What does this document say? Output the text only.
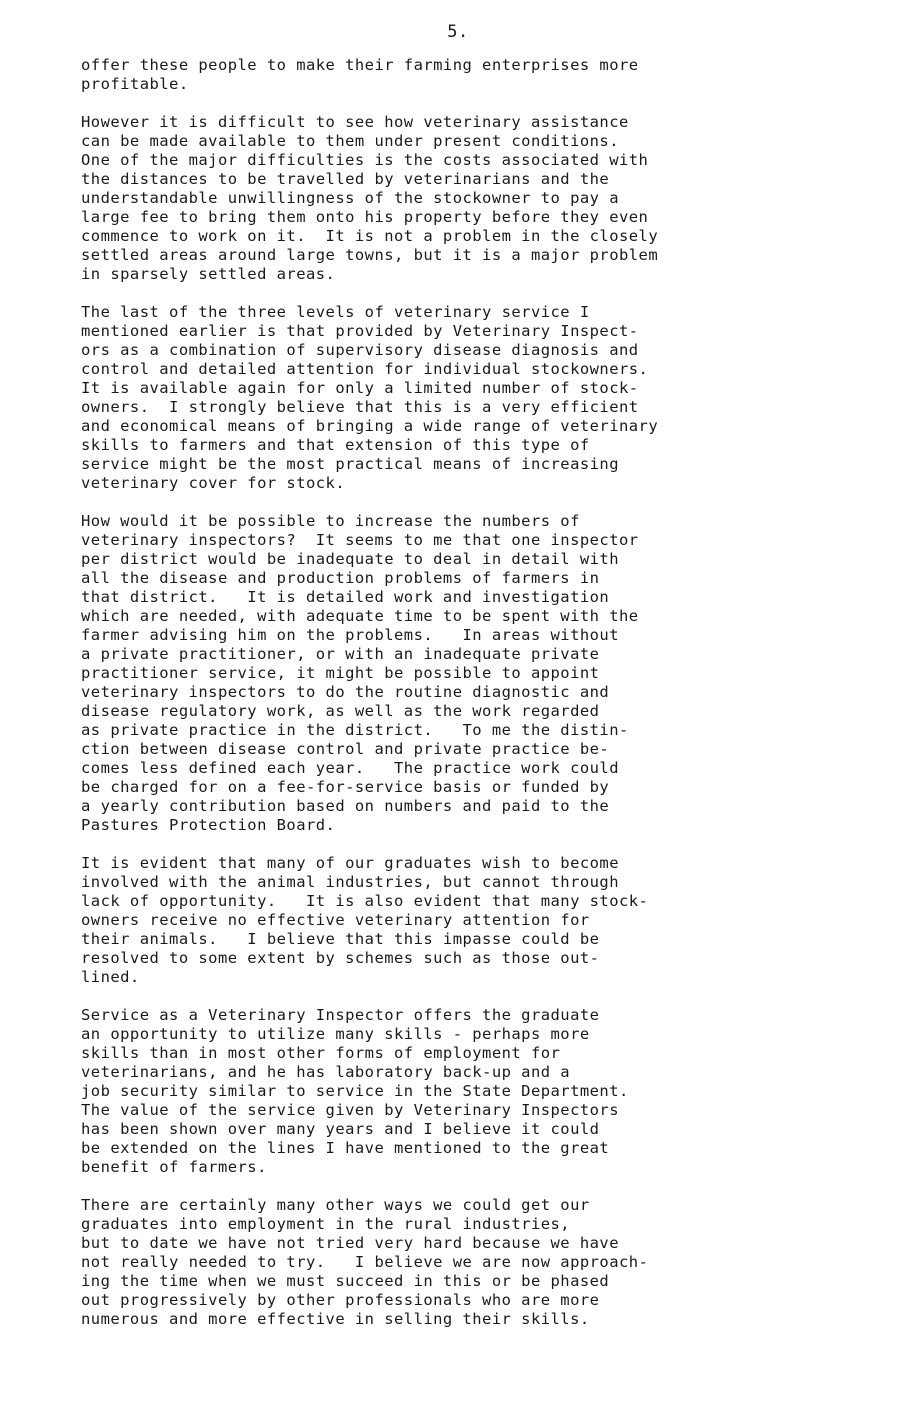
5.
offer these people to make their farming enterprises more
profitable.
However it is difficult to see how veterinary assistance
can be made available to them under present conditions.
One of the major difficulties is the costs associated with
the distances to be travelled by veterinarians and the
understandable unwillingness of the stockowner to pay a
large fee to bring them onto his property before they even
commence to work on it.  It is not a problem in the closely
settled areas around large towns, but it is a major problem
in sparsely settled areas.
The last of the three levels of veterinary service I
mentioned earlier is that provided by Veterinary Inspect-
ors as a combination of supervisory disease diagnosis and
control and detailed attention for individual stockowners.
It is available again for only a limited number of stock-
owners.  I strongly believe that this is a very efficient
and economical means of bringing a wide range of veterinary
skills to farmers and that extension of this type of
service might be the most practical means of increasing
veterinary cover for stock.
How would it be possible to increase the numbers of
veterinary inspectors?  It seems to me that one inspector
per district would be inadequate to deal in detail with
all the disease and production problems of farmers in
that district.   It is detailed work and investigation
which are needed, with adequate time to be spent with the
farmer advising him on the problems.   In areas without
a private practitioner, or with an inadequate private
practitioner service, it might be possible to appoint
veterinary inspectors to do the routine diagnostic and
disease regulatory work, as well as the work regarded
as private practice in the district.   To me the distin-
ction between disease control and private practice be-
comes less defined each year.   The practice work could
be charged for on a fee-for-service basis or funded by
a yearly contribution based on numbers and paid to the
Pastures Protection Board.
It is evident that many of our graduates wish to become
involved with the animal industries, but cannot through
lack of opportunity.   It is also evident that many stock-
owners receive no effective veterinary attention for
their animals.   I believe that this impasse could be
resolved to some extent by schemes such as those out-
lined.
Service as a Veterinary Inspector offers the graduate
an opportunity to utilize many skills - perhaps more
skills than in most other forms of employment for
veterinarians, and he has laboratory back-up and a
job security similar to service in the State Department.
The value of the service given by Veterinary Inspectors
has been shown over many years and I believe it could
be extended on the lines I have mentioned to the great
benefit of farmers.
There are certainly many other ways we could get our
graduates into employment in the rural industries,
but to date we have not tried very hard because we have
not really needed to try.   I believe we are now approach-
ing the time when we must succeed in this or be phased
out progressively by other professionals who are more
numerous and more effective in selling their skills.
